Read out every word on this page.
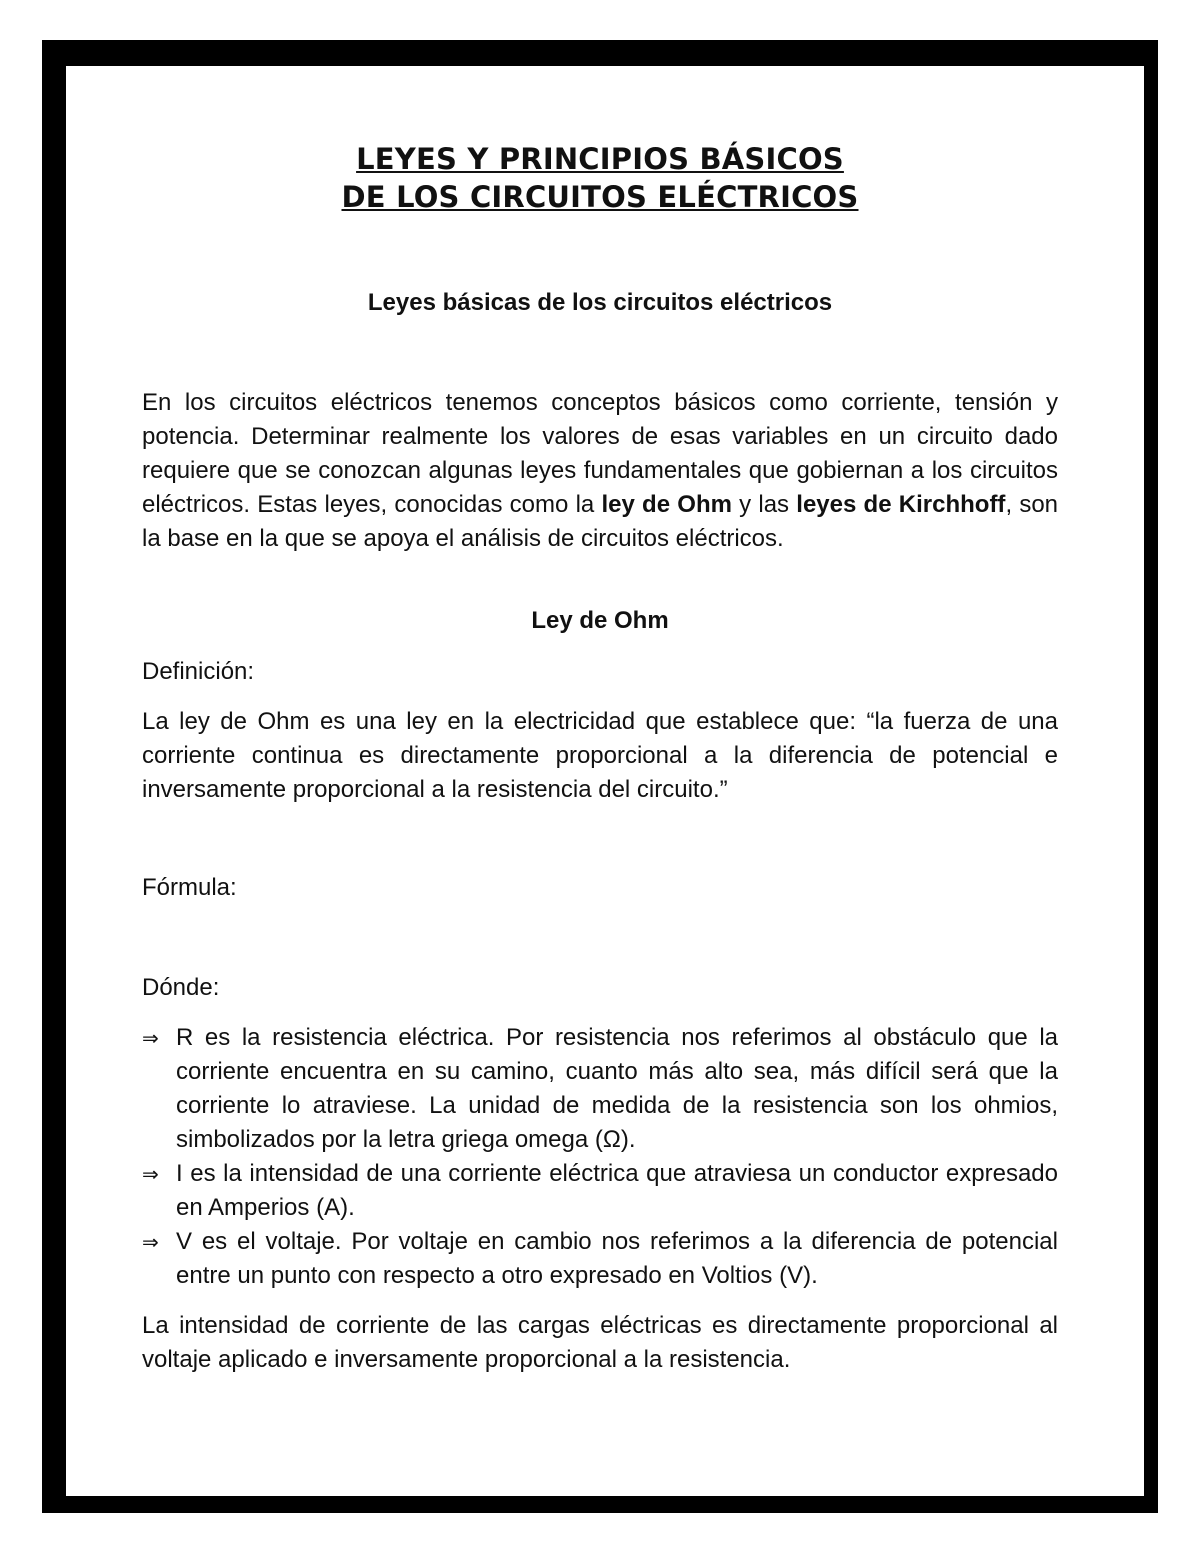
LEYES Y PRINCIPIOS BÁSICOS

DE LOS CIRCUITOS ELÉCTRICOS

Leyes básicas de los circuitos eléctricos

En los circuitos eléctricos tenemos conceptos básicos como corriente, tensión y potencia. Determinar realmente los valores de esas variables en un circuito dado requiere que se conozcan algunas leyes fundamentales que gobiernan a los circuitos eléctricos. Estas leyes, conocidas como la ley de Ohm y las leyes de Kirchhoff, son la base en la que se apoya el análisis de circuitos eléctricos.

Ley de Ohm

Definición:

La ley de Ohm es una ley en la electricidad que establece que: “la fuerza de una corriente continua es directamente proporcional a la diferencia de potencial e inversamente proporcional a la resistencia del circuito.”

Fórmula:

Dónde:

⇒ R es la resistencia eléctrica. Por resistencia nos referimos al obstáculo que la corriente encuentra en su camino, cuanto más alto sea, más difícil será que la corriente lo atraviese. La unidad de medida de la resistencia son los ohmios, simbolizados por la letra griega omega (Ω).
⇒ I es la intensidad de una corriente eléctrica que atraviesa un conductor expresado en Amperios (A).
⇒ V es el voltaje. Por voltaje en cambio nos referimos a la diferencia de potencial entre un punto con respecto a otro expresado en Voltios (V).

La intensidad de corriente de las cargas eléctricas es directamente proporcional al voltaje aplicado e inversamente proporcional a la resistencia.
